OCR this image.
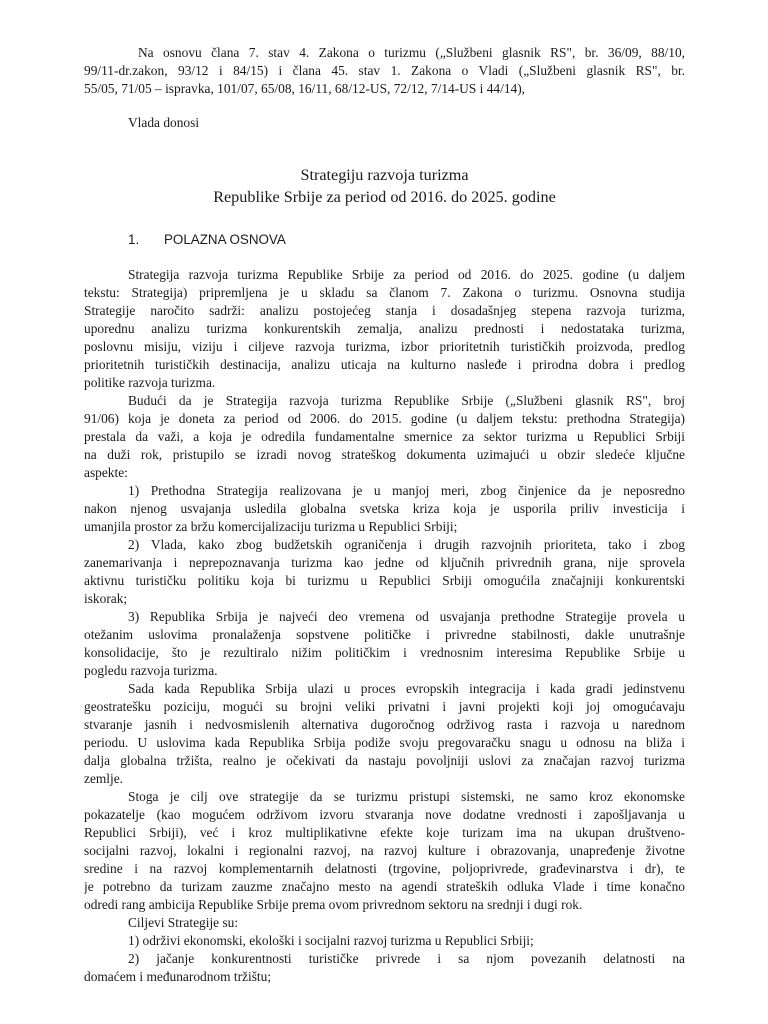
Na osnovu člana 7. stav 4. Zakona o turizmu („Službeni glasnik RS", br. 36/09, 88/10,
99/11-dr.zakon, 93/12 i 84/15) i člana 45. stav 1. Zakona o Vladi („Službeni glasnik RS", br.
55/05, 71/05 – ispravka, 101/07, 65/08, 16/11, 68/12-US, 72/12, 7/14-US i 44/14),
Vlada donosi
Strategiju razvoja turizma
Republike Srbije za period od 2016. do 2025. godine
1. POLAZNA OSNOVA
Strategija razvoja turizma Republike Srbije za period od 2016. do 2025. godine (u daljem
tekstu: Strategija) pripremljena je u skladu sa članom 7. Zakona o turizmu. Osnovna studija
Strategije naročito sadrži: analizu postojećeg stanja i dosadašnjeg stepena razvoja turizma,
uporednu analizu turizma konkurentskih zemalja, analizu prednosti i nedostataka turizma,
poslovnu misiju, viziju i ciljeve razvoja turizma, izbor prioritetnih turističkih proizvoda, predlog
prioritetnih turističkih destinacija, analizu uticaja na kulturno nasleđe i prirodna dobra i predlog
politike razvoja turizma.
Budući da je Strategija razvoja turizma Republike Srbije („Službeni glasnik RS", broj
91/06) koja je doneta za period od 2006. do 2015. godine (u daljem tekstu: prethodna Strategija)
prestala da važi, a koja je odredila fundamentalne smernice za sektor turizma u Republici Srbiji
na duži rok, pristupilo se izradi novog strateškog dokumenta uzimajući u obzir sledeće ključne
aspekte:
1) Prethodna Strategija realizovana je u manjoj meri, zbog činjenice da je neposredno
nakon njenog usvajanja usledila globalna svetska kriza koja je usporila priliv investicija i
umanjila prostor za bržu komercijalizaciju turizma u Republici Srbiji;
2) Vlada, kako zbog budžetskih ograničenja i drugih razvojnih prioriteta, tako i zbog
zanemarivanja i neprepoznavanja turizma kao jedne od ključnih privrednih grana, nije sprovela
aktivnu turističku politiku koja bi turizmu u Republici Srbiji omogućila značajniji konkurentski
iskorak;
3) Republika Srbija je najveći deo vremena od usvajanja prethodne Strategije provela u
otežanim uslovima pronalaženja sopstvene političke i privredne stabilnosti, dakle unutrašnje
konsolidacije, što je rezultiralo nižim političkim i vrednosnim interesima Republike Srbije u
pogledu razvoja turizma.
Sada kada Republika Srbija ulazi u proces evropskih integracija i kada gradi jedinstvenu
geostratešku poziciju, mogući su brojni veliki privatni i javni projekti koji joj omogućavaju
stvaranje jasnih i nedvosmislenih alternativa dugoročnog održivog rasta i razvoja u narednom
periodu. U uslovima kada Republika Srbija podiže svoju pregovaračku snagu u odnosu na bliža i
dalja globalna tržišta, realno je očekivati da nastaju povoljniji uslovi za značajan razvoj turizma
zemlje.
Stoga je cilj ove strategije da se turizmu pristupi sistemski, ne samo kroz ekonomske
pokazatelje (kao mogućem održivom izvoru stvaranja nove dodatne vrednosti i zapošljavanja u
Republici Srbiji), već i kroz multiplikativne efekte koje turizam ima na ukupan društveno-
socijalni razvoj, lokalni i regionalni razvoj, na razvoj kulture i obrazovanja, unapređenje životne
sredine i na razvoj komplementarnih delatnosti (trgovine, poljoprivrede, građevinarstva i dr), te
je potrebno da turizam zauzme značajno mesto na agendi strateških odluka Vlade i time konačno
odredi rang ambicija Republike Srbije prema ovom privrednom sektoru na srednji i dugi rok.
Ciljevi Strategije su:
1) održivi ekonomski, ekološki i socijalni razvoj turizma u Republici Srbiji;
2) jačanje konkurentnosti turističke privrede i sa njom povezanih delatnosti na
domaćem i međunarodnom tržištu;
